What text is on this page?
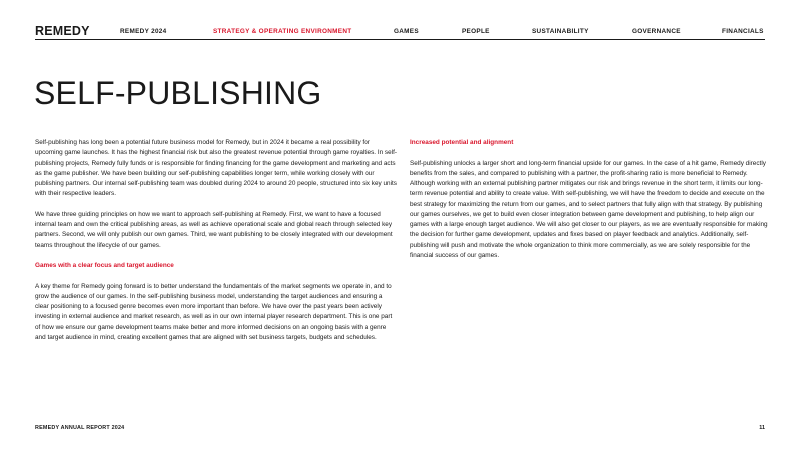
REMEDY	REMEDY 2024	STRATEGY & OPERATING ENVIRONMENT	GAMES	PEOPLE	SUSTAINABILITY	GOVERNANCE	FINANCIALS
SELF-PUBLISHING

Self-publishing has long been a potential future business model for Remedy, but in 2024 it became a real possibility for upcoming game launches. It has the highest financial risk but also the greatest revenue potential through game royalties. In self-publishing projects, Remedy fully funds or is responsible for finding financing for the game development and marketing and acts as the game publisher. We have been building our self-publishing capabilities longer term, while working closely with our publishing partners. Our internal self-publishing team was doubled during 2024 to around 20 people, structured into six key units with their respective leaders.

We have three guiding principles on how we want to approach self-publishing at Remedy. First, we want to have a focused internal team and own the critical publishing areas, as well as achieve operational scale and global reach through selected key partners. Second, we will only publish our own games. Third, we want publishing to be closely integrated with our development teams throughout the lifecycle of our games.

Games with a clear focus and target audience

A key theme for Remedy going forward is to better understand the fundamentals of the market segments we operate in, and to grow the audience of our games. In the self-publishing business model, understanding the target audiences and ensuring a clear positioning to a focused genre becomes even more important than before. We have over the past years been actively investing in external audience and market research, as well as in our own internal player research department. This is one part of how we ensure our game development teams make better and more informed decisions on an ongoing basis with a genre and target audience in mind, creating excellent games that are aligned with set business targets, budgets and schedules.

Increased potential and alignment

Self-publishing unlocks a larger short and long-term financial upside for our games. In the case of a hit game, Remedy directly benefits from the sales, and compared to publishing with a partner, the profit-sharing ratio is more beneficial to Remedy. Although working with an external publishing partner mitigates our risk and brings revenue in the short term, it limits our long-term revenue potential and ability to create value. With self-publishing, we will have the freedom to decide and execute on the best strategy for maximizing the return from our games, and to select partners that fully align with that strategy. By publishing our games ourselves, we get to build even closer integration between game development and publishing, to help align our games with a large enough target audience. We will also get closer to our players, as we are eventually responsible for making the decision for further game development, updates and fixes based on player feedback and analytics. Additionally, self-publishing will push and motivate the whole organization to think more commercially, as we are solely responsible for the financial success of our games.

REMEDY ANNUAL REPORT 2024	11
